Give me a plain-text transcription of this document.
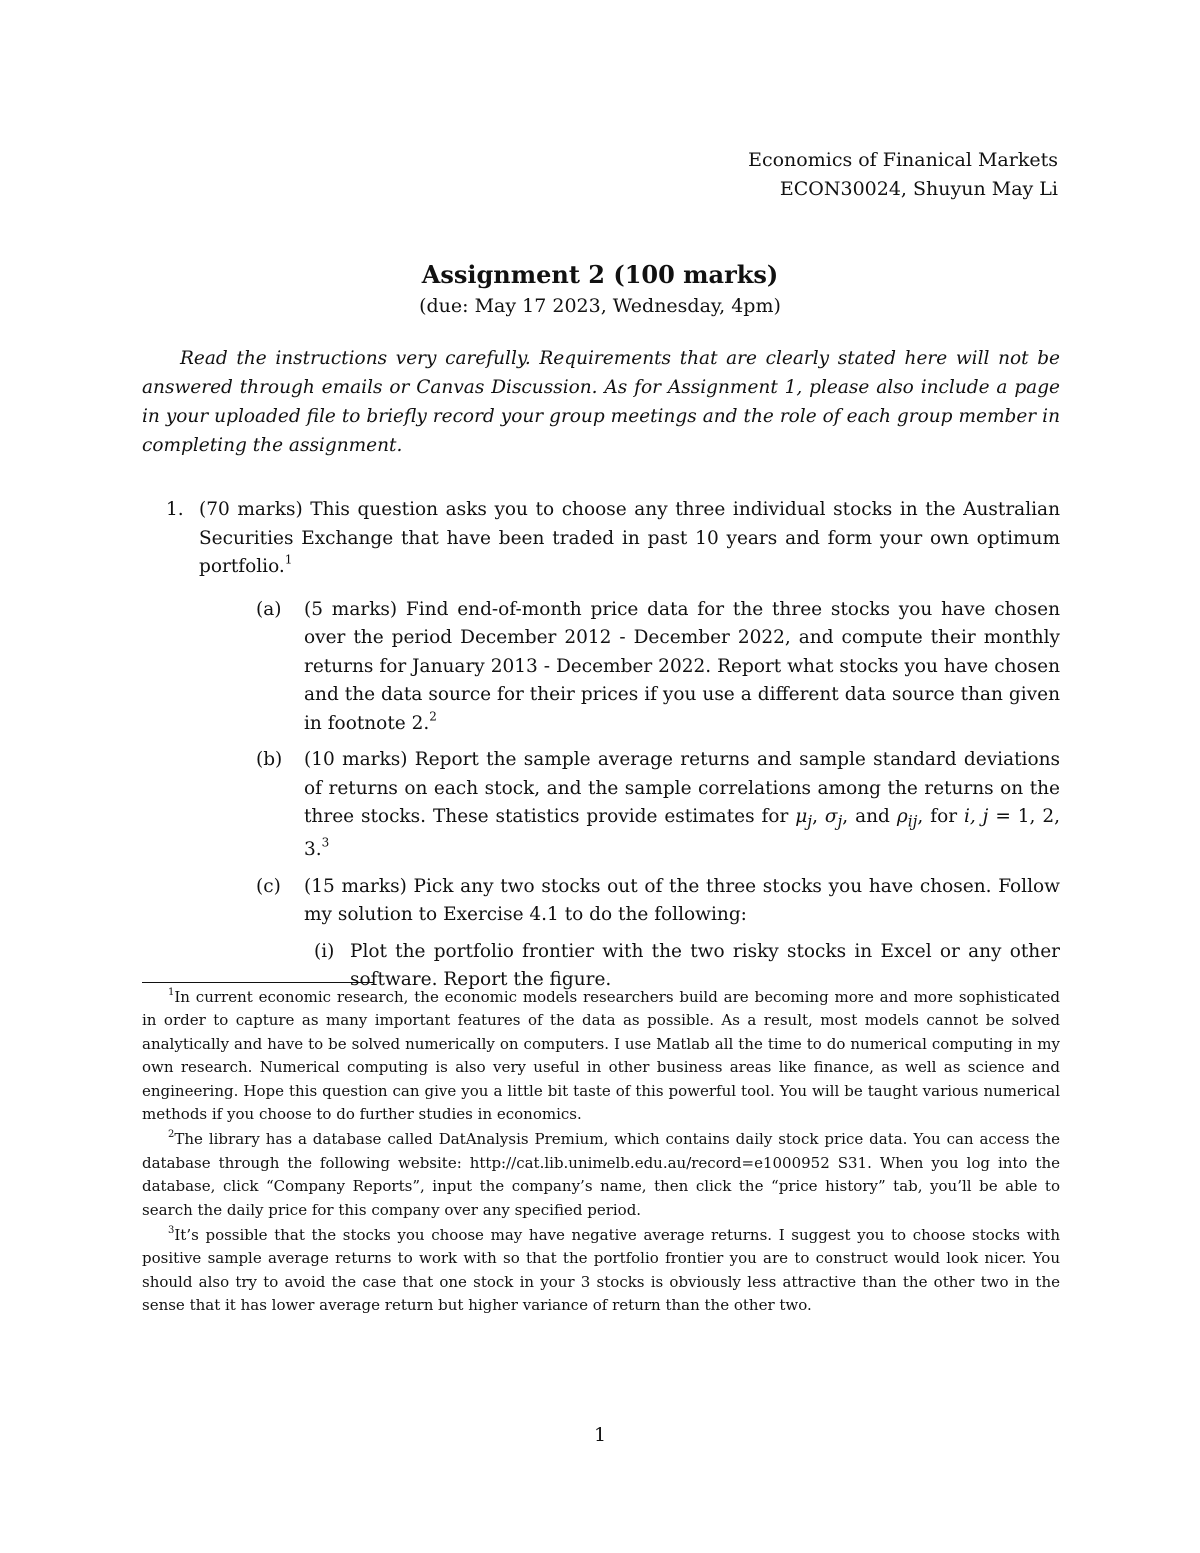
Economics of Finanical Markets
ECON30024, Shuyun May Li
Assignment 2 (100 marks)
(due: May 17 2023, Wednesday, 4pm)
Read the instructions very carefully. Requirements that are clearly stated here will not be answered through emails or Canvas Discussion. As for Assignment 1, please also include a page in your uploaded file to briefly record your group meetings and the role of each group member in completing the assignment.
1. (70 marks) This question asks you to choose any three individual stocks in the Australian Securities Exchange that have been traded in past 10 years and form your own optimum portfolio.$^1$
(a) (5 marks) Find end-of-month price data for the three stocks you have chosen over the period December 2012 - December 2022, and compute their monthly returns for January 2013 - December 2022. Report what stocks you have chosen and the data source for their prices if you use a different data source than given in footnote 2.$^2$
(b) (10 marks) Report the sample average returns and sample standard deviations of returns on each stock, and the sample correlations among the returns on the three stocks. These statistics provide estimates for $\mu_j$, $\sigma_j$, and $\rho_{ij}$, for i, j = 1, 2, 3.$^3$
(c) (15 marks) Pick any two stocks out of the three stocks you have chosen. Follow my solution to Exercise 4.1 to do the following:
(i) Plot the portfolio frontier with the two risky stocks in Excel or any other software. Report the figure.

$^1$In current economic research, the economic models researchers build are becoming more and more sophisticated in order to capture as many important features of the data as possible. As a result, most models cannot be solved analytically and have to be solved numerically on computers. I use Matlab all the time to do numerical computing in my own research. Numerical computing is also very useful in other business areas like finance, as well as science and engineering. Hope this question can give you a little bit taste of this powerful tool. You will be taught various numerical methods if you choose to do further studies in economics.

$^2$The library has a database called DatAnalysis Premium, which contains daily stock price data. You can access the database through the following website: http://cat.lib.unimelb.edu.au/record=e1000952 S31. When you log into the database, click “Company Reports”, input the company’s name, then click the “price history” tab, you’ll be able to search the daily price for this company over any specified period.

$^3$It’s possible that the stocks you choose may have negative average returns. I suggest you to choose stocks with positive sample average returns to work with so that the portfolio frontier you are to construct would look nicer. You should also try to avoid the case that one stock in your 3 stocks is obviously less attractive than the other two in the sense that it has lower average return but higher variance of return than the other two.

1
